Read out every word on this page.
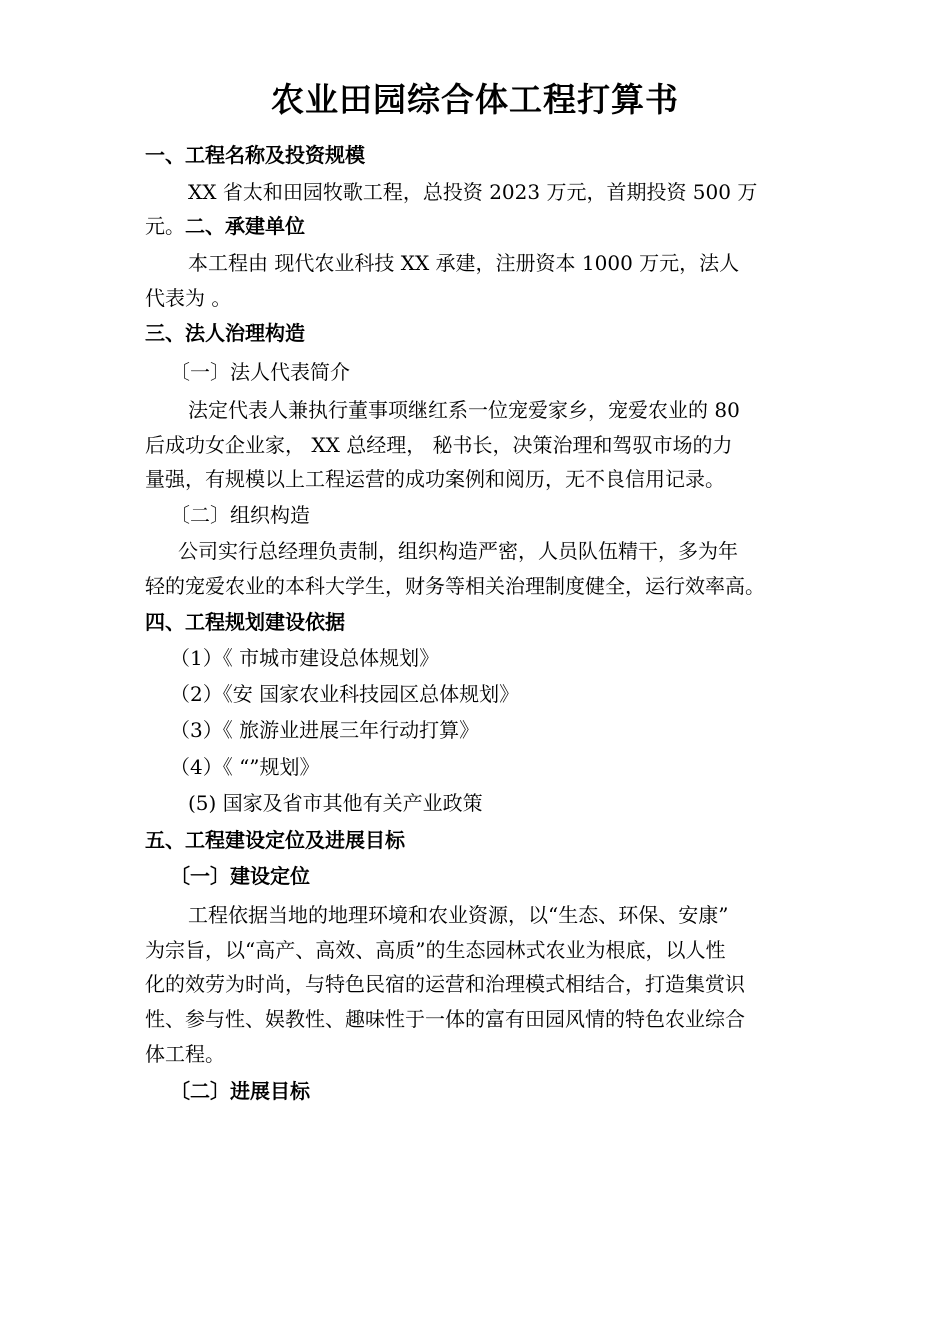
农业田园综合体工程打算书
一、工程名称及投资规模
XX 省太和田园牧歌工程，总投资 2023 万元，首期投资 500 万
元。二、承建单位
本工程由 现代农业科技 XX 承建，注册资本 1000 万元，法人
代表为 。
三、法人治理构造
〔一〕法人代表简介
法定代表人兼执行董事项继红系一位宠爱家乡，宠爱农业的 80
后成功女企业家， XX 总经理， 秘书长，决策治理和驾驭市场的力
量强，有规模以上工程运营的成功案例和阅历，无不良信用记录。
〔二〕组织构造
公司实行总经理负责制，组织构造严密，人员队伍精干，多为年
轻的宠爱农业的本科大学生，财务等相关治理制度健全，运行效率高。
四、工程规划建设依据
（1）《 市城市建设总体规划》
（2）《安 国家农业科技园区总体规划》
（3）《 旅游业进展三年行动打算》
（4）《 “”规划》
(5) 国家及省市其他有关产业政策
五、工程建设定位及进展目标
〔一〕建设定位
工程依据当地的地理环境和农业资源，以“生态、环保、安康”
为宗旨，以“高产、高效、高质”的生态园林式农业为根底，以人性
化的效劳为时尚，与特色民宿的运营和治理模式相结合，打造集赏识
性、参与性、娱教性、趣味性于一体的富有田园风情的特色农业综合
体工程。
〔二〕进展目标
